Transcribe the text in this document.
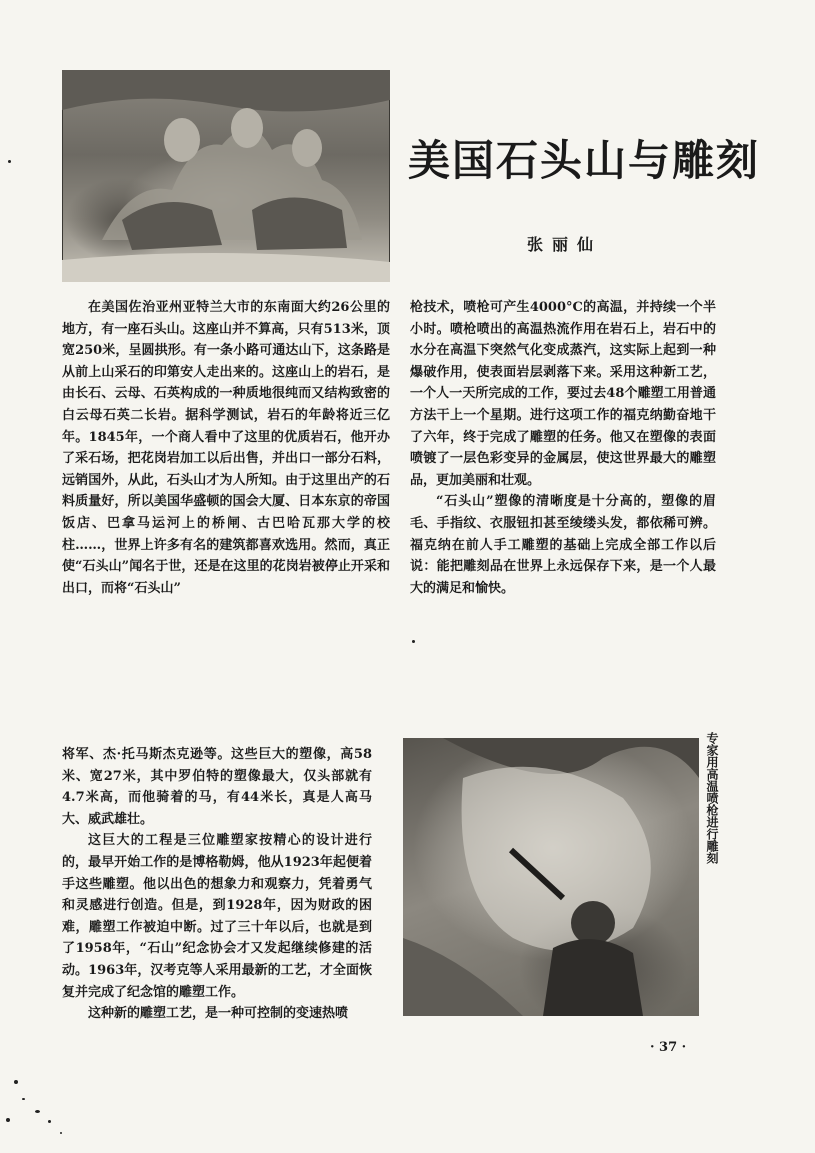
美国石头山与雕刻
张丽仙

在美国佐治亚州亚特兰大市的东南面大约26公里的地方，有一座石头山。这座山并不算高，只有513米，顶宽250米，呈圆拱形。有一条小路可通达山下，这条路是从前上山采石的印第安人走出来的。这座山上的岩石，是由长石、云母、石英构成的一种质地很纯而又结构致密的白云母石英二长岩。据科学测试，岩石的年龄将近三亿年。1845年，一个商人看中了这里的优质岩石，他开办了采石场，把花岗岩加工以后出售，并出口一部分石料，远销国外，从此，石头山才为人所知。由于这里出产的石料质量好，所以美国华盛顿的国会大厦、日本东京的帝国饭店、巴拿马运河上的桥闸、古巴哈瓦那大学的校柱……，世界上许多有名的建筑都喜欢选用。然而，真正使“石头山”闻名于世，还是在这里的花岗岩被停止开采和出口，而将“石头山”

枪技术，喷枪可产生4000°C的高温，并持续一个半小时。喷枪喷出的高温热流作用在岩石上，岩石中的水分在高温下突然气化变成蒸汽，这实际上起到一种爆破作用，使表面岩层剥落下来。采用这种新工艺，一个人一天所完成的工作，要过去48个雕塑工用普通方法干上一个星期。进行这项工作的福克纳勤奋地干了六年，终于完成了雕塑的任务。他又在塑像的表面喷镀了一层色彩变异的金属层，使这世界最大的雕塑品，更加美丽和壮观。

“石头山”塑像的清晰度是十分高的，塑像的眉毛、手指纹、衣服钮扣甚至绫缕头发，都依稀可辨。福克纳在前人手工雕塑的基础上完成全部工作以后说：能把雕刻品在世界上永远保存下来，是一个人最大的满足和愉快。

将军、杰·托马斯杰克逊等。这些巨大的塑像，高58米、宽27米，其中罗伯特的塑像最大，仅头部就有4.7米高，而他骑着的马，有44米长，真是人高马大、威武雄壮。

这巨大的工程是三位雕塑家按精心的设计进行的，最早开始工作的是博格勒姆，他从1923年起便着手这些雕塑。他以出色的想象力和观察力，凭着勇气和灵感进行创造。但是，到1928年，因为财政的困难，雕塑工作被迫中断。过了三十年以后，也就是到了1958年，“石山”纪念协会才又发起继续修建的活动。1963年，汉考克等人采用最新的工艺，才全面恢复并完成了纪念馆的雕塑工作。

这种新的雕塑工艺，是一种可控制的变速热喷

专家用高温喷枪进行雕刻
· 37 ·
